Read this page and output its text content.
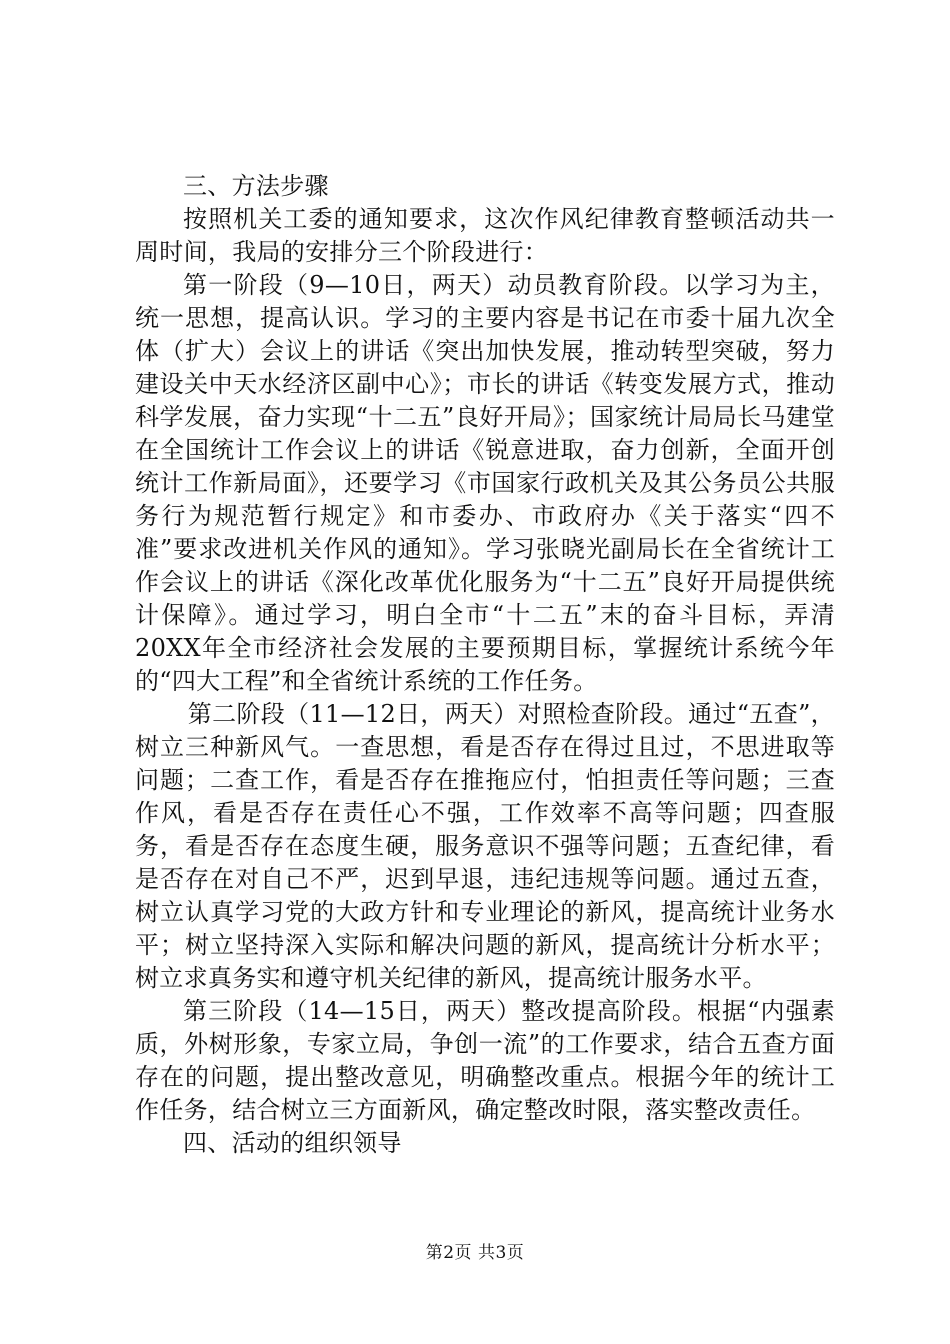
三、方法步骤

按照机关工委的通知要求，这次作风纪律教育整顿活动共一周时间，我局的安排分三个阶段进行：

第一阶段（9—10日，两天）动员教育阶段。以学习为主，统一思想，提高认识。学习的主要内容是书记在市委十届九次全体（扩大）会议上的讲话《突出加快发展，推动转型突破，努力建设关中天水经济区副中心》；市长的讲话《转变发展方式，推动科学发展，奋力实现“十二五”良好开局》；国家统计局局长马建堂在全国统计工作会议上的讲话《锐意进取，奋力创新，全面开创统计工作新局面》，还要学习《市国家行政机关及其公务员公共服务行为规范暂行规定》和市委办、市政府办《关于落实“四不准”要求改进机关作风的通知》。学习张晓光副局长在全省统计工作会议上的讲话《深化改革优化服务为“十二五”良好开局提供统计保障》。通过学习，明白全市“十二五”末的奋斗目标，弄清20XX年全市经济社会发展的主要预期目标，掌握统计系统今年的“四大工程”和全省统计系统的工作任务。

第二阶段（11—12日，两天）对照检查阶段。通过“五查”，树立三种新风气。一查思想，看是否存在得过且过，不思进取等问题；二查工作，看是否存在推拖应付，怕担责任等问题；三查作风，看是否存在责任心不强，工作效率不高等问题；四查服务，看是否存在态度生硬，服务意识不强等问题；五查纪律，看是否存在对自己不严，迟到早退，违纪违规等问题。通过五查，树立认真学习党的大政方针和专业理论的新风，提高统计业务水平；树立坚持深入实际和解决问题的新风，提高统计分析水平；树立求真务实和遵守机关纪律的新风，提高统计服务水平。

第三阶段（14—15日，两天）整改提高阶段。根据“内强素质，外树形象，专家立局，争创一流”的工作要求，结合五查方面存在的问题，提出整改意见，明确整改重点。根据今年的统计工作任务，结合树立三方面新风，确定整改时限，落实整改责任。

四、活动的组织领导

第2页 共3页
